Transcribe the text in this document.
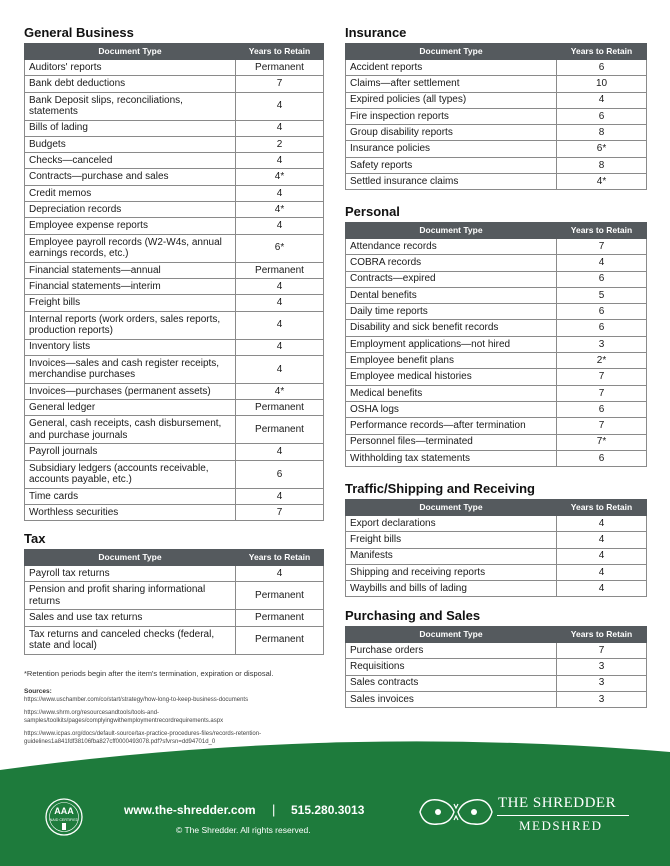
General Business
Document Type	Years to Retain
Auditors' reports	Permanent
Bank debt deductions	7
Bank Deposit slips, reconciliations, statements	4
Bills of lading	4
Budgets	2
Checks—canceled	4
Contracts—purchase and sales	4*
Credit memos	4
Depreciation records	4*
Employee expense reports	4
Employee payroll records (W2-W4s, annual earnings records, etc.)	6*
Financial statements—annual	Permanent
Financial statements—interim	4
Freight bills	4
Internal reports (work orders, sales reports, production reports)	4
Inventory lists	4
Invoices—sales and cash register receipts, merchandise purchases	4
Invoices—purchases (permanent assets)	4*
General ledger	Permanent
General, cash receipts, cash disbursement, and purchase journals	Permanent
Payroll journals	4
Subsidiary ledgers (accounts receivable, accounts payable, etc.)	6
Time cards	4
Worthless securities	7
Tax
Document Type	Years to Retain
Payroll tax returns	4
Pension and profit sharing informational returns	Permanent
Sales and use tax returns	Permanent
Tax returns and canceled checks (federal, state and local)	Permanent
Insurance
Document Type	Years to Retain
Accident reports	6
Claims—after settlement	10
Expired policies (all types)	4
Fire inspection reports	6
Group disability reports	8
Insurance policies	6*
Safety reports	8
Settled insurance claims	4*
Personal
Document Type	Years to Retain
Attendance records	7
COBRA records	4
Contracts—expired	6
Dental benefits	5
Daily time reports	6
Disability and sick benefit records	6
Employment applications—not hired	3
Employee benefit plans	2*
Employee medical histories	7
Medical benefits	7
OSHA logs	6
Performance records—after termination	7
Personnel files—terminated	7*
Withholding tax statements	6
Traffic/Shipping and Receiving
Document Type	Years to Retain
Export declarations	4
Freight bills	4
Manifests	4
Shipping and receiving reports	4
Waybills and bills of lading	4
Purchasing and Sales
Document Type	Years to Retain
Purchase orders	7
Requisitions	3
Sales contracts	3
Sales invoices	3
*Retention periods begin after the item's termination, expiration or disposal.
Sources:
https://www.uschamber.com/co/start/strategy/how-long-to-keep-business-documents
https://www.shrm.org/resourcesandtools/tools-and-samples/toolkits/pages/complyingwithemploymentrecordrequirements.aspx
https://www.icpas.org/docs/default-source/tax-practice-procedures-files/records-retention-guidelines1a841fdf38106fba827cff0000493078.pdf?sfvrsn=dd94701d_0
AAA
NAID CERTIFIED
www.the-shredder.com | 515.280.3013
© The Shredder. All rights reserved.
THE SHREDDER
MEDSHRED
